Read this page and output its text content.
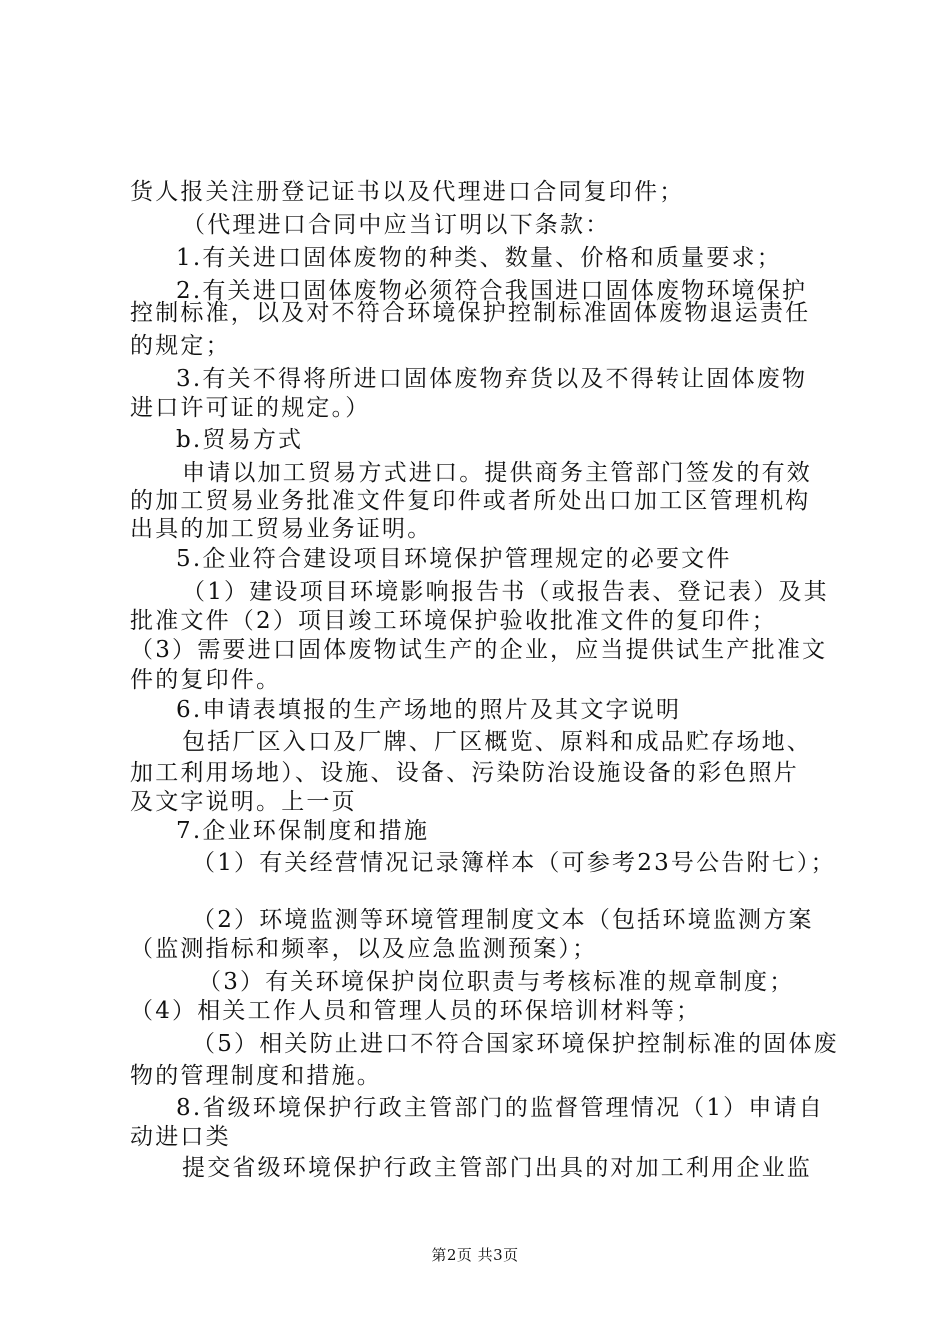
货人报关注册登记证书以及代理进口合同复印件；
（代理进口合同中应当订明以下条款：
1.有关进口固体废物的种类、数量、价格和质量要求；
2.有关进口固体废物必须符合我国进口固体废物环境保护
控制标准，以及对不符合环境保护控制标准固体废物退运责任
的规定；
3.有关不得将所进口固体废物弃货以及不得转让固体废物
进口许可证的规定。）
b.贸易方式
申请以加工贸易方式进口。提供商务主管部门签发的有效
的加工贸易业务批准文件复印件或者所处出口加工区管理机构
出具的加工贸易业务证明。
5.企业符合建设项目环境保护管理规定的必要文件
（1）建设项目环境影响报告书（或报告表、登记表）及其
批准文件（2）项目竣工环境保护验收批准文件的复印件；
（3）需要进口固体废物试生产的企业，应当提供试生产批准文
件的复印件。
6.申请表填报的生产场地的照片及其文字说明
包括厂区入口及厂牌、厂区概览、原料和成品贮存场地、
加工利用场地）、设施、设备、污染防治设施设备的彩色照片
及文字说明。上一页
7.企业环保制度和措施
（1）有关经营情况记录簿样本（可参考23号公告附七）；
（2）环境监测等环境管理制度文本（包括环境监测方案
（监测指标和频率，以及应急监测预案）；
（3）有关环境保护岗位职责与考核标准的规章制度；
（4）相关工作人员和管理人员的环保培训材料等；
（5）相关防止进口不符合国家环境保护控制标准的固体废
物的管理制度和措施。
8.省级环境保护行政主管部门的监督管理情况（1）申请自
动进口类
提交省级环境保护行政主管部门出具的对加工利用企业监
第2页 共3页
